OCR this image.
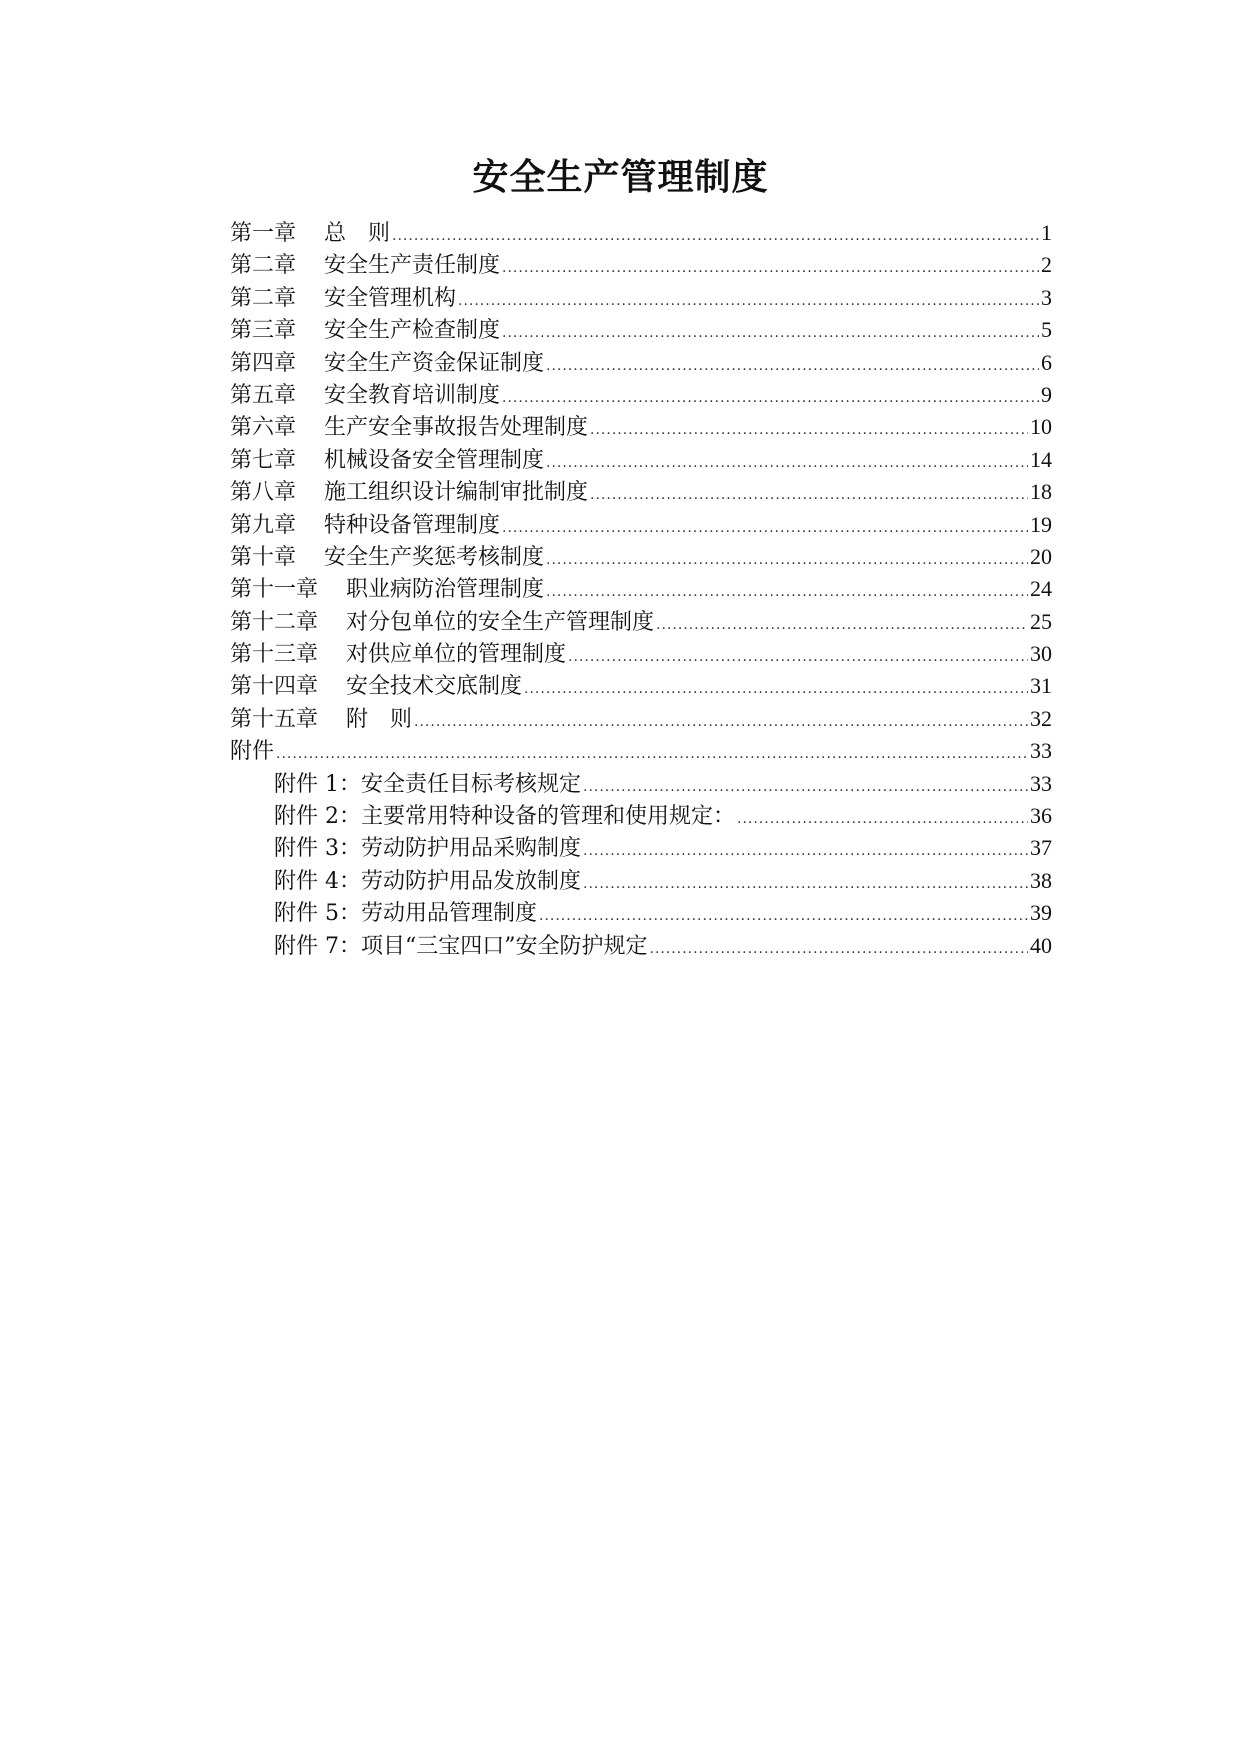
安全生产管理制度
第一章	总　则 .....	1
第二章	安全生产责任制度 .....	2
第二章	安全管理机构 .....	3
第三章	安全生产检查制度 .....	5
第四章	安全生产资金保证制度 .....	6
第五章	安全教育培训制度 .....	9
第六章	生产安全事故报告处理制度 .....	10
第七章	机械设备安全管理制度 .....	14
第八章	施工组织设计编制审批制度 .....	18
第九章	特种设备管理制度 .....	19
第十章	安全生产奖惩考核制度 .....	20
第十一章	职业病防治管理制度 .....	24
第十二章	对分包单位的安全生产管理制度 .....	25
第十三章	对供应单位的管理制度 .....	30
第十四章	安全技术交底制度 .....	31
第十五章	附　则 .....	32
附件 .....	33
附件 1：安全责任目标考核规定 .....	33
附件 2：主要常用特种设备的管理和使用规定： .....	36
附件 3：劳动防护用品采购制度 .....	37
附件 4：劳动防护用品发放制度 .....	38
附件 5：劳动用品管理制度 .....	39
附件 7：项目“三宝四口”安全防护规定 .....	40
